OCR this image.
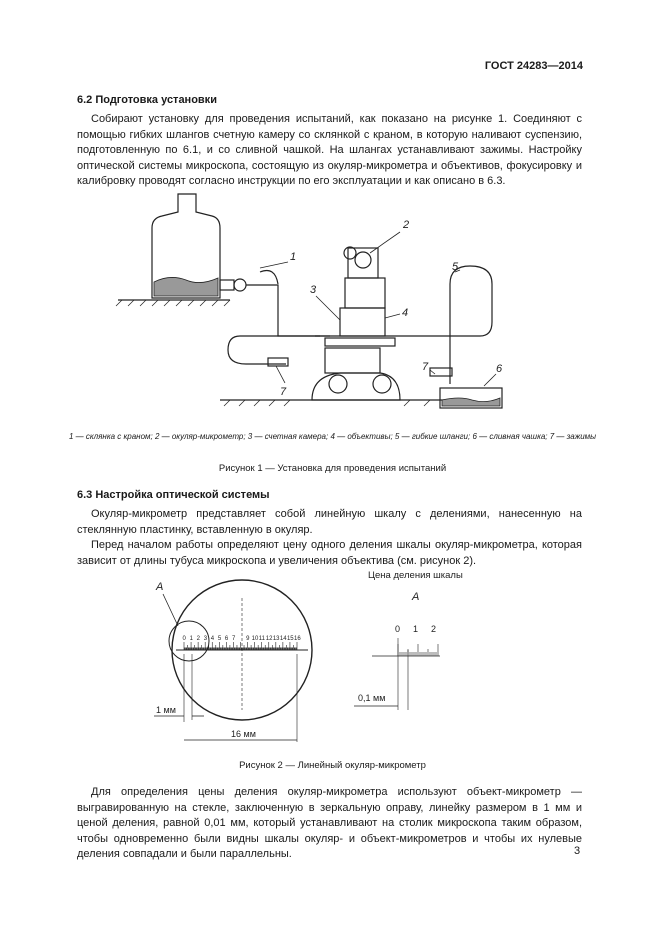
ГОСТ 24283—2014
6.2 Подготовка установки
Собирают установку для проведения испытаний, как показано на рисунке 1. Соединяют с помощью гибких шлангов счетную камеру со склянкой с краном, в которую наливают суспензию, подготовленную по 6.1, и со сливной чашкой. На шлангах устанавливают зажимы. Настройку оптической системы микроскопа, состоящую из окуляр-микрометра и объективов, фокусировку и калибровку проводят согласно инструкции по его эксплуатации и как описано в 6.3.
1
2
3
4
5
6
7
7
1 — склянка с краном; 2 — окуляр-микрометр; 3 — счетная камера; 4 — объективы; 5 — гибкие шланги; 6 — сливная чашка; 7 — зажимы
Рисунок 1 — Установка для проведения испытаний
6.3 Настройка оптической системы
Окуляр-микрометр представляет собой линейную шкалу с делениями, нанесенную на стеклянную пластинку, вставленную в окуляр.
Перед началом работы определяют цену одного деления шкалы окуляр-микрометра, которая зависит от длины тубуса микроскопа и увеличения объектива (см. рисунок 2).
0 1 2 3 4 5 6 7 9 10 11 12 13 14 15 16
A
1 мм
16 мм
Цена деления шкалы
A
0 1 2
0,1 мм
Рисунок 2 — Линейный окуляр-микрометр
Для определения цены деления окуляр-микрометра используют объект-микрометр — выгравированную на стекле, заключенную в зеркальную оправу, линейку размером в 1 мм и ценой деления, равной 0,01 мм, который устанавливают на столик микроскопа таким образом, чтобы одновременно были видны шкалы окуляр- и объект-микрометров и чтобы их нулевые деления совпадали и были параллельны.	3
